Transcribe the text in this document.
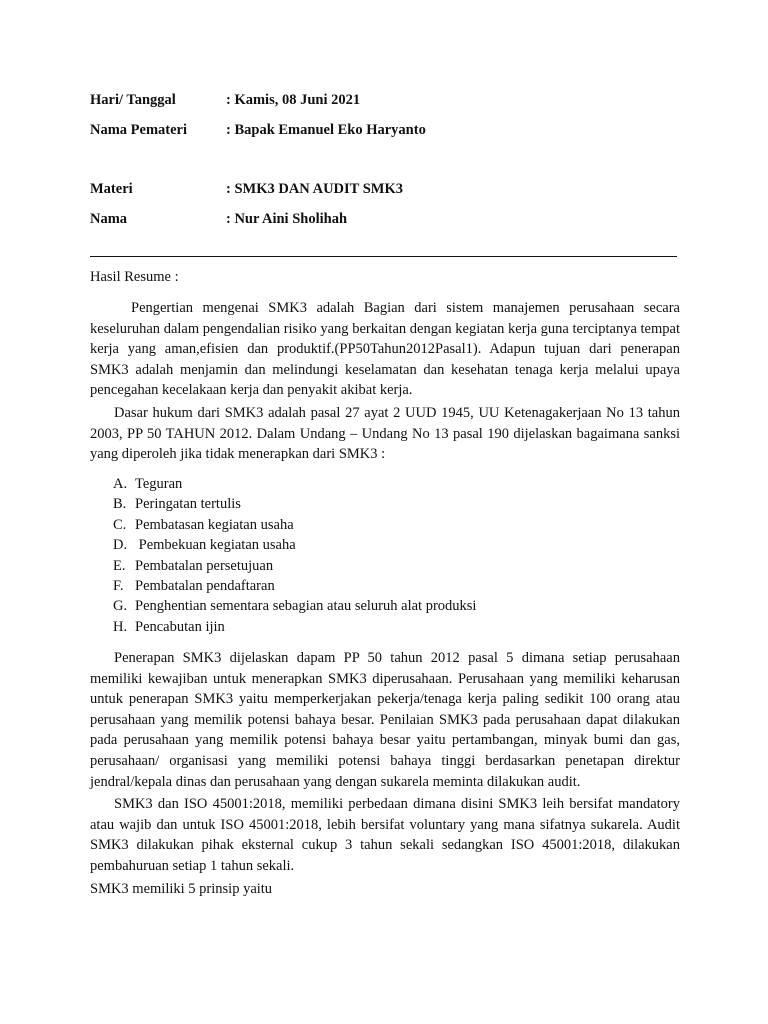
Hari/ Tanggal	: Kamis, 08 Juni 2021
Nama Pemateri	: Bapak Emanuel Eko Haryanto
Materi	: SMK3 DAN AUDIT SMK3
Nama	: Nur Aini Sholihah
Hasil Resume :

Pengertian mengenai SMK3 adalah Bagian dari sistem manajemen perusahaan secara keseluruhan dalam pengendalian risiko yang berkaitan dengan kegiatan kerja guna terciptanya tempat kerja yang aman,efisien dan produktif.(PP50Tahun2012Pasal1). Adapun tujuan dari penerapan SMK3 adalah menjamin dan melindungi keselamatan dan kesehatan tenaga kerja melalui upaya pencegahan kecelakaan kerja dan penyakit akibat kerja.

Dasar hukum dari SMK3 adalah pasal 27 ayat 2 UUD 1945, UU Ketenagakerjaan No 13 tahun 2003, PP 50 TAHUN 2012. Dalam Undang – Undang No 13 pasal 190 dijelaskan bagaimana sanksi yang diperoleh jika tidak menerapkan dari SMK3 :

A. Teguran
B. Peringatan tertulis
C. Pembatasan kegiatan usaha
D. Pembekuan kegiatan usaha
E. Pembatalan persetujuan
F. Pembatalan pendaftaran
G. Penghentian sementara sebagian atau seluruh alat produksi
H. Pencabutan ijin

Penerapan SMK3 dijelaskan dapam PP 50 tahun 2012 pasal 5 dimana setiap perusahaan memiliki kewajiban untuk menerapkan SMK3 diperusahaan. Perusahaan yang memiliki keharusan untuk penerapan SMK3 yaitu memperkerjakan pekerja/tenaga kerja paling sedikit 100 orang atau perusahaan yang memilik potensi bahaya besar. Penilaian SMK3 pada perusahaan dapat dilakukan pada perusahaan yang memilik potensi bahaya besar yaitu pertambangan, minyak bumi dan gas, perusahaan/ organisasi yang memiliki potensi bahaya tinggi berdasarkan penetapan direktur jendral/kepala dinas dan perusahaan yang dengan sukarela meminta dilakukan audit.

SMK3 dan ISO 45001:2018, memiliki perbedaan dimana disini SMK3 leih bersifat mandatory atau wajib dan untuk ISO 45001:2018, lebih bersifat voluntary yang mana sifatnya sukarela. Audit SMK3 dilakukan pihak eksternal cukup 3 tahun sekali sedangkan ISO 45001:2018, dilakukan pembahuruan setiap 1 tahun sekali.

SMK3 memiliki 5 prinsip yaitu
